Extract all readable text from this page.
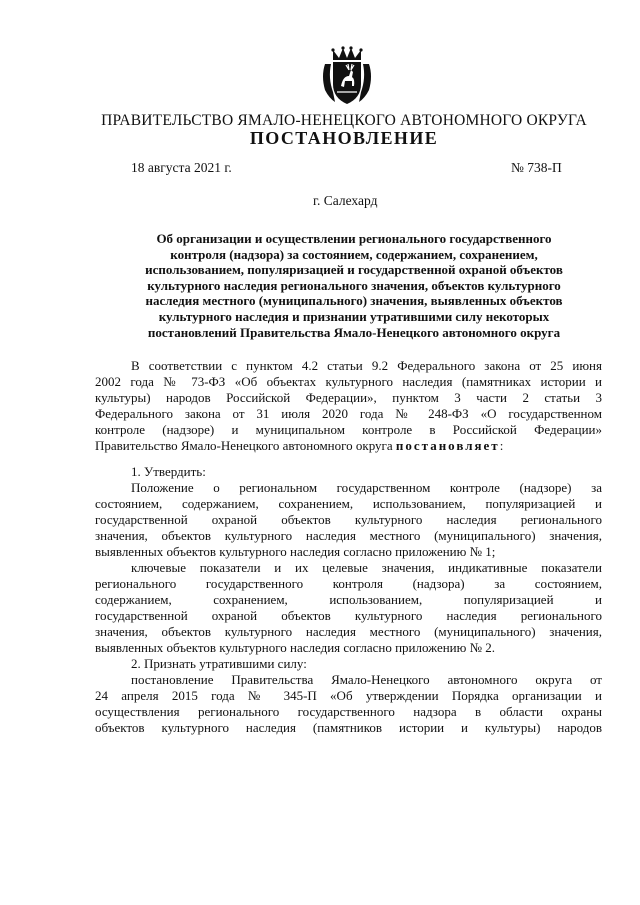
ПРАВИТЕЛЬСТВО ЯМАЛО-НЕНЕЦКОГО АВТОНОМНОГО ОКРУГА
ПОСТАНОВЛЕНИЕ
18 августа 2021 г.	№ 738-П
г. Салехард
Об организации и осуществлении регионального государственного
контроля (надзора) за состоянием, содержанием, сохранением,
использованием, популяризацией и государственной охраной объектов
культурного наследия регионального значения, объектов культурного
наследия местного (муниципального) значения, выявленных объектов
культурного наследия и признании утратившими силу некоторых
постановлений Правительства Ямало-Ненецкого автономного округа
В соответствии с пунктом 4.2 статьи 9.2 Федерального закона от 25 июня
2002 года № 73-ФЗ «Об объектах культурного наследия (памятниках истории и
культуры) народов Российской Федерации», пунктом 3 части 2 статьи 3
Федерального закона от 31 июля 2020 года № 248-ФЗ «О государственном
контроле (надзоре) и муниципальном контроле в Российской Федерации»
Правительство Ямало-Ненецкого автономного округа постановляет:
1. Утвердить:
Положение о региональном государственном контроле (надзоре) за
состоянием, содержанием, сохранением, использованием, популяризацией и
государственной охраной объектов культурного наследия регионального
значения, объектов культурного наследия местного (муниципального) значения,
выявленных объектов культурного наследия согласно приложению № 1;
ключевые показатели и их целевые значения, индикативные показатели
регионального государственного контроля (надзора) за состоянием,
содержанием, сохранением, использованием, популяризацией и
государственной охраной объектов культурного наследия регионального
значения, объектов культурного наследия местного (муниципального) значения,
выявленных объектов культурного наследия согласно приложению № 2.
2. Признать утратившими силу:
постановление Правительства Ямало-Ненецкого автономного округа от
24 апреля 2015 года № 345-П «Об утверждении Порядка организации и
осуществления регионального государственного надзора в области охраны
объектов культурного наследия (памятников истории и культуры) народов
